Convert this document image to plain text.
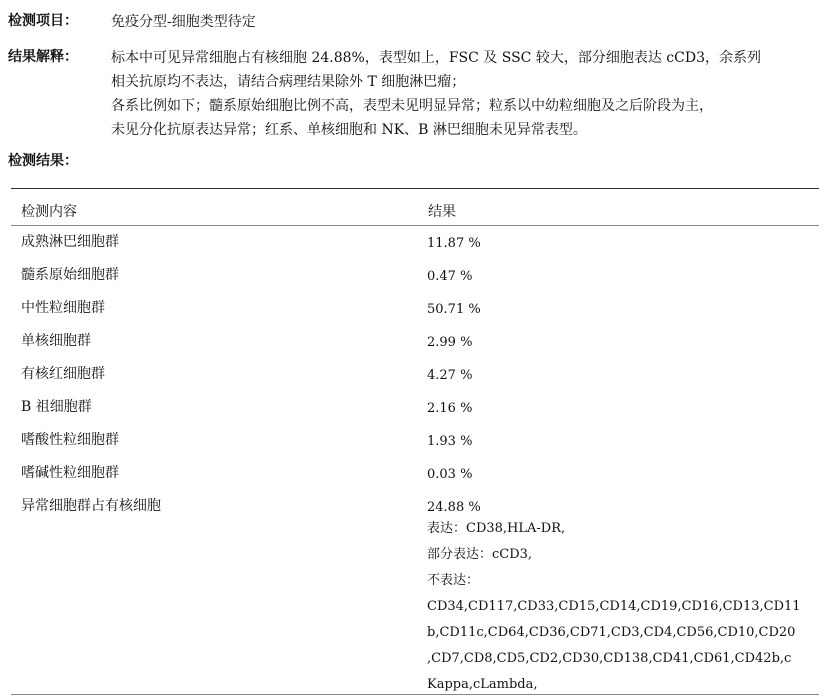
检测项目：	免疫分型-细胞类型待定
结果解释：	标本中可见异常细胞占有核细胞 24.88%，表型如上，FSC 及 SSC 较大，部分细胞表达 cCD3，余系列
相关抗原均不表达，请结合病理结果除外 T 细胞淋巴瘤；
各系比例如下；髓系原始细胞比例不高，表型未见明显异常；粒系以中幼粒细胞及之后阶段为主，
未见分化抗原表达异常；红系、单核细胞和 NK、B 淋巴细胞未见异常表型。
检测结果：
检测内容	结果
成熟淋巴细胞群	11.87 %
髓系原始细胞群	0.47 %
中性粒细胞群	50.71 %
单核细胞群	2.99 %
有核红细胞群	4.27 %
B 祖细胞群	2.16 %
嗜酸性粒细胞群	1.93 %
嗜碱性粒细胞群	0.03 %
异常细胞群占有核细胞	24.88 %
表达：CD38,HLA-DR,
部分表达：cCD3,
不表达：
CD34,CD117,CD33,CD15,CD14,CD19,CD16,CD13,CD11
b,CD11c,CD64,CD36,CD71,CD3,CD4,CD56,CD10,CD20
,CD7,CD8,CD5,CD2,CD30,CD138,CD41,CD61,CD42b,c
Kappa,cLambda,
